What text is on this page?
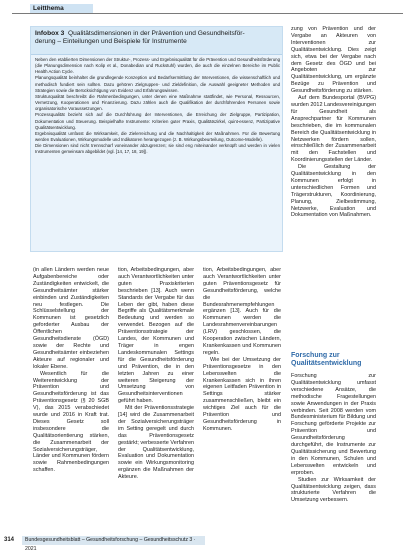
Leitthema
Infobox 3 Qualitätsdimensionen in der Prävention und Gesundheitsför-
derung – Einteilungen und Beispiele für Instrumente

Neben den etablierten Dimensionen der Struktur-, Prozess- und Ergebnisqualität für die Prävention und Gesundheitsförderung (die Planungsdimension nach Kolip et al., Donabedian und Ruckstuhl) wurden, die auch die einzelnen Bereiche im Public Health Action Cycle.

Planungsqualität beinhaltet die grundlegende Konzeption und Bedarfsermittlung der Interventionen, die wissenschaftlich und methodisch fundiert sein sollten. Dazu gehören Zielgruppen- und Zieldefinition, die Auswahl geeigneter Methoden und Strategien sowie die Berücksichtigung von Evidenz und Erfahrungswissen.

Strukturqualität beschreibt die Rahmenbedingungen, unter denen eine Maßnahme stattfindet, wie Personal, Ressourcen, Vernetzung, Kooperationen und Finanzierung. Dazu zählen auch die Qualifikation der durchführenden Personen sowie organisatorische Voraussetzungen.

Prozessqualität bezieht sich auf die Durchführung der Interventionen, die Erreichung der Zielgruppe, Partizipation, Dokumentation und Steuerung. Beispielhafte Instrumente: Kriterien guter Praxis, Qualitätszirkel, quint-essenz, Partizipative Qualitätsentwicklung.

Ergebnisqualität umfasst die Wirksamkeit, die Zielerreichung und die Nachhaltigkeit der Maßnahmen. Für die Bewertung werden Evaluationen, Wirkungsmodelle und Indikatoren herangezogen (z. B. Wirkungsbeurteilung, Outcome-Modelle).

Die Dimensionen sind nicht trennscharf voneinander abzugrenzen; sie sind eng miteinander verknüpft und werden in vielen Instrumenten gemeinsam abgebildet (vgl. [14, 17, 18, 19]).

(in allen Ländern werden neue Aufgabenbereiche oder Zuständigkeiten entwickelt, die Gesundheitsämter stärker einbinden und Zuständigkeiten neu festlegen. Die Schlüsselstellung der Kommunen ist gesetzlich geforderter Ausbau der Öffentlichen Gesundheitsdienste (ÖGD) sowie der Rechte und Gesundheitsämter einbeziehen Akteure auf regionaler und lokaler Ebene.

Wesentlich für die Weiterentwicklung der Prävention und Gesundheitsförderung ist das Präventionsgesetz (§ 20 SGB V), das 2015 verabschiedet wurde und 2016 in Kraft trat. Dieses Gesetz soll insbesondere die Qualitätsorientierung stärken, die Zusammenarbeit der Sozialversicherungsträger, Länder und Kommunen fördern sowie Rahmenbedingungen schaffen.

tion, Arbeitsbedingungen, aber auch Verantwortlichkeiten unter guten Praxiskriterien beschrieben [13]. Auch wenn Standards der Vergabe für das Leben der gibt, haben diese Begriffe als Qualitätsmerkmale Bedeutung und werden so verwendet. Bezogen auf die Präventionsstrategie der Landes, der Kommunen und Träger in engen Landeskommunalen Settings für die Gesundheitsförderung und Prävention, die in den letzten Jahren zu einer weiteren Steigerung der Umsetzung von Gesundheitsinterventionen geführt haben.

Mit der Präventionsstrategie [14] wird die Zusammenarbeit der Sozialversicherungsträger im Setting geregelt und durch das Präventionsgesetz gestärkt; verbesserte Verfahren der Qualitätsentwicklung, Evaluation und Dokumentation sowie ein Wirkungsmonitoring ergänzen die Maßnahmen der Akteure.

tion, Arbeitsbedingungen, aber auch Verantwortlichkeiten unter guten Präventionsgesetz für Gesundheitsförderung, welche die Bundesrahmenempfehlungen ergänzen [13]. Auch für die Kommunen werden die Landesrahmenvereinbarungen (LRV) geschlossen, die Kooperation zwischen Ländern, Krankenkassen und Kommunen regeln.

Wie bei der Umsetzung der Präventionsgesetze in den Lebenswelten die Krankenkassen sich in ihren eigenen Leitfaden Prävention in Settings stärker zusammenschließen, bleibt ein wichtiges Ziel auch für die Prävention und Gesundheitsförderung in Kommunen.

zung von Prävention und der Vergabe an Akteuren von Interventionen zur Qualitätsentwicklung. Dies zeigt sich, etwa bei der Vergabe nach dem Gesetz des ÖGD und bei Angeboten zur Qualitätsentwicklung, um ergänzte Bezüge zu Prävention und Gesundheitsförderung zu stärken.

Auf dem Bundesportal (BVPG) wurden 2012 Landesvereinigungen für Gesundheit als Ansprechpartner für Kommunen beschrieben, die im kommunalen Bereich die Qualitätsentwicklung in Netzwerken fördern sollen, einschließlich der Zusammenarbeit mit den Fachstellen und Koordinierungsstellen der Länder.

Die Gestaltung der Qualitätsentwicklung in den Kommunen erfolgt in unterschiedlichen Formen und Trägerstrukturen, Koordinierung, Planung, Zielbestimmung, Netzwerke, Evaluation und Dokumentation von Maßnahmen.

Forschung zur Qualitätsentwicklung

Forschung zur Qualitätsentwicklung umfasst verschiedene Ansätze, die methodische Fragestellungen sowie Anwendungen in der Praxis verbinden. Seit 2008 werden vom Bundesministerium für Bildung und Forschung geförderte Projekte zur Prävention und Gesundheitsförderung durchgeführt, die Instrumente zur Qualitätssicherung und Bewertung in den Kommunen, Schulen und Lebenswelten entwickeln und erproben.

Studien zur Wirksamkeit der Qualitätsentwicklung zeigen, dass strukturierte Verfahren die Umsetzung verbessern.

314	Bundesgesundheitsblatt – Gesundheitsforschung – Gesundheitsschutz 3 · 2021
